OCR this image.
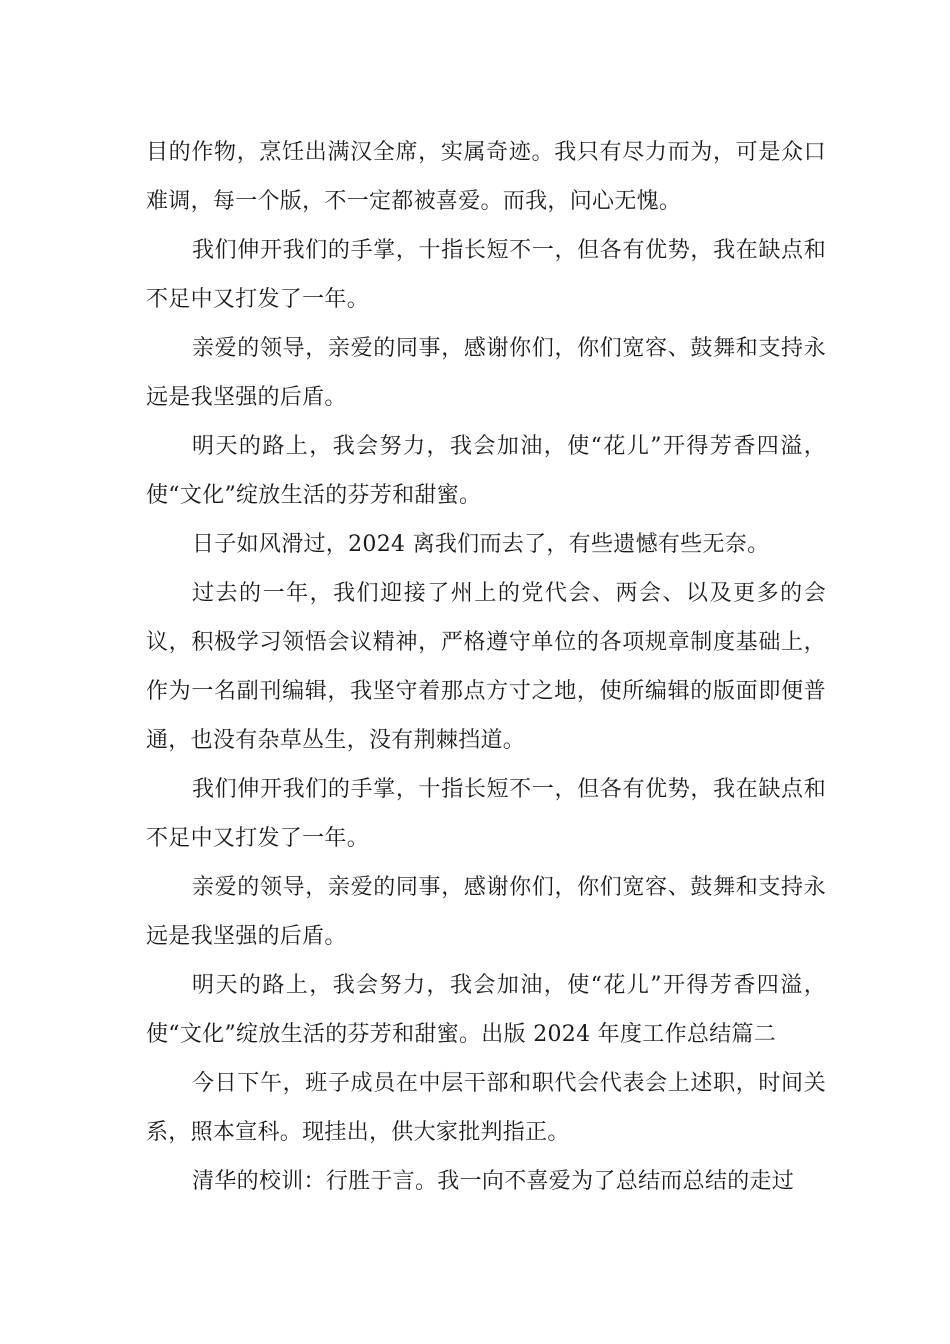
目的作物，烹饪出满汉全席，实属奇迹。我只有尽力而为，可是众口难调，每一个版，不一定都被喜爱。而我，问心无愧。

我们伸开我们的手掌，十指长短不一，但各有优势，我在缺点和不足中又打发了一年。

亲爱的领导，亲爱的同事，感谢你们，你们宽容、鼓舞和支持永远是我坚强的后盾。

明天的路上，我会努力，我会加油，使“花儿”开得芳香四溢，使“文化”绽放生活的芬芳和甜蜜。

日子如风滑过，2024 离我们而去了，有些遗憾有些无奈。

过去的一年，我们迎接了州上的党代会、两会、以及更多的会议，积极学习领悟会议精神，严格遵守单位的各项规章制度基础上，作为一名副刊编辑，我坚守着那点方寸之地，使所编辑的版面即便普通，也没有杂草丛生，没有荆棘挡道。

我们伸开我们的手掌，十指长短不一，但各有优势，我在缺点和不足中又打发了一年。

亲爱的领导，亲爱的同事，感谢你们，你们宽容、鼓舞和支持永远是我坚强的后盾。

明天的路上，我会努力，我会加油，使“花儿”开得芳香四溢，使“文化”绽放生活的芬芳和甜蜜。出版 2024 年度工作总结篇二

今日下午，班子成员在中层干部和职代会代表会上述职，时间关系，照本宣科。现挂出，供大家批判指正。

清华的校训：行胜于言。我一向不喜爱为了总结而总结的走过
